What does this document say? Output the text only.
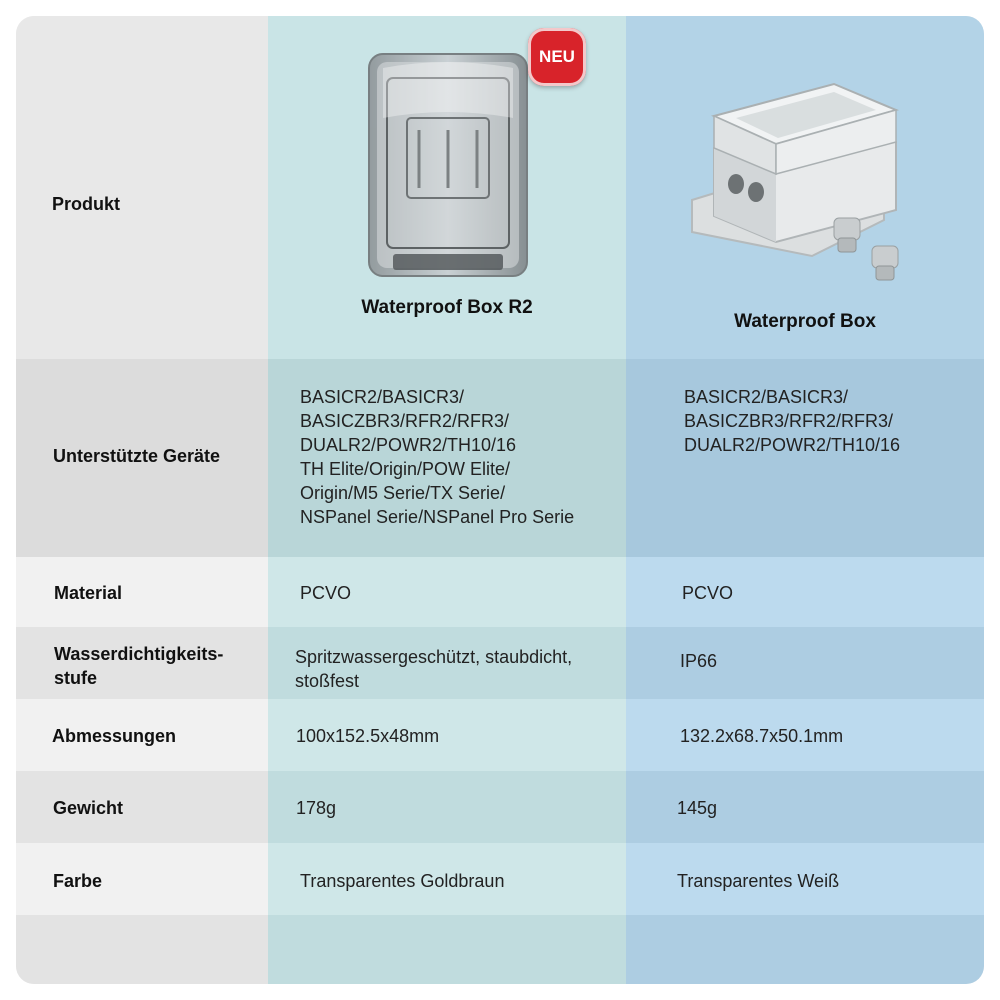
Produkt
Unterstützte Geräte
Material
Wasserdichtigkeits-
stufe
Abmessungen
Gewicht
Farbe
Waterproof Box R2
BASICR2/BASICR3/
BASICZBR3/RFR2/RFR3/
DUALR2/POWR2/TH10/16
TH Elite/Origin/POW Elite/
Origin/M5 Serie/TX Serie/
NSPanel Serie/NSPanel Pro Serie
PCVO
Spritzwassergeschützt, staubdicht,
stoßfest
100x152.5x48mm
178g
Transparentes Goldbraun
Waterproof Box
BASICR2/BASICR3/
BASICZBR3/RFR2/RFR3/
DUALR2/POWR2/TH10/16
PCVO
IP66
132.2x68.7x50.1mm
145g
Transparentes Weiß
NEU
